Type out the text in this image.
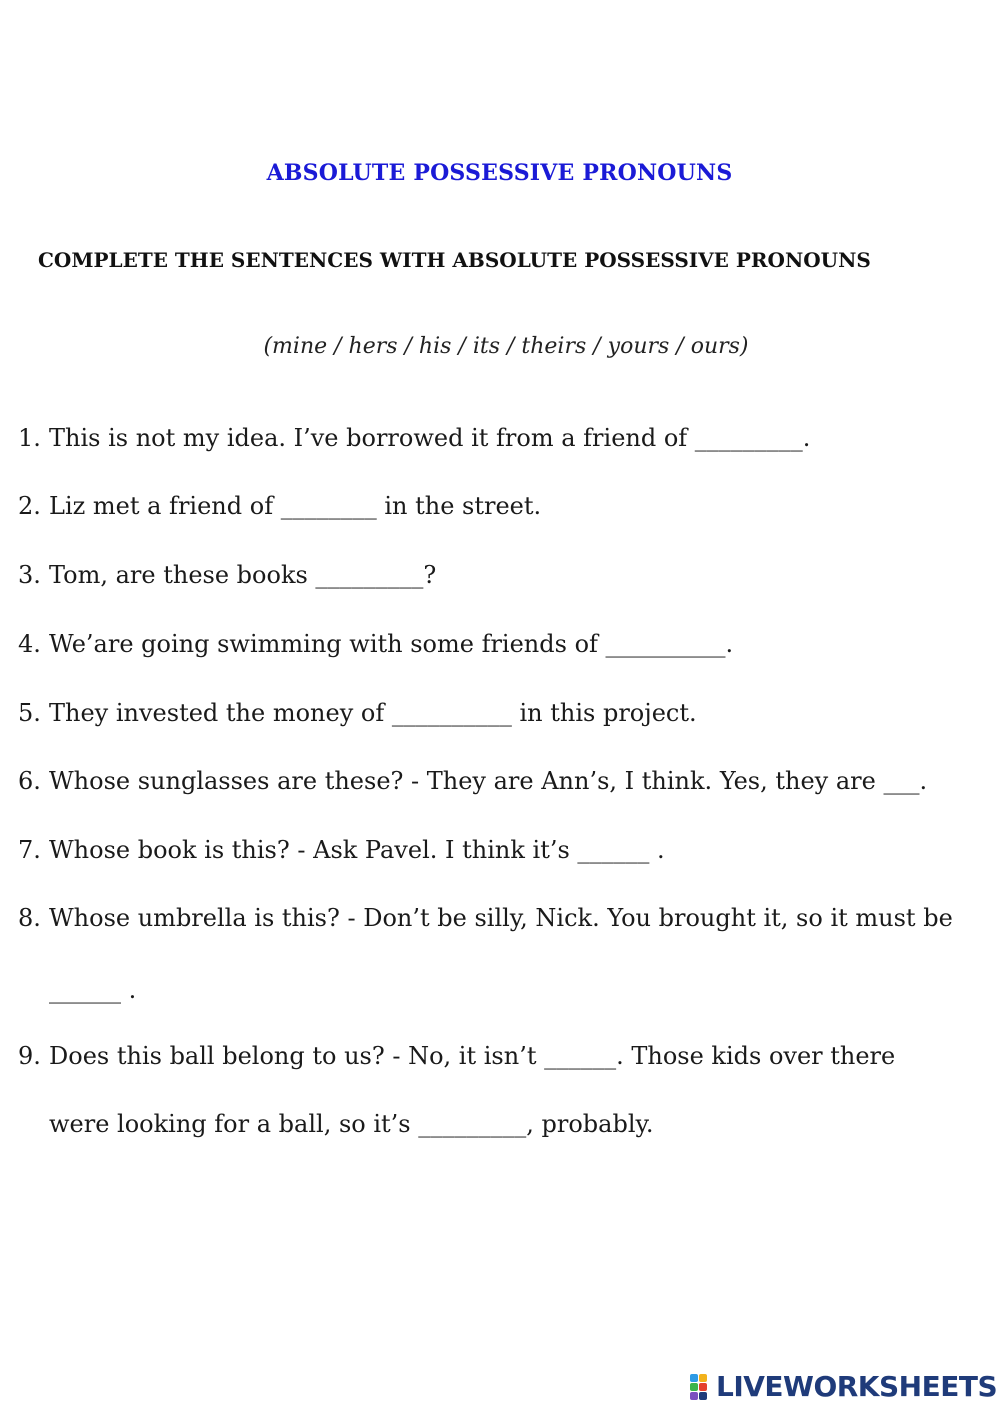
ABSOLUTE POSSESSIVE PRONOUNS
COMPLETE THE SENTENCES WITH ABSOLUTE POSSESSIVE PRONOUNS
(mine / hers / his / its / theirs / yours / ours)
1. This is not my idea. I’ve borrowed it from a friend of _________.
2. Liz met a friend of ________ in the street.
3. Tom, are these books _________?
4. We’are going swimming with some friends of __________.
5. They invested the money of __________ in this project.
6. Whose sunglasses are these? - They are Ann’s, I think. Yes, they are ___.
7. Whose book is this? - Ask Pavel. I think it’s ______ .
8. Whose umbrella is this? - Don’t be silly, Nick. You brought it, so it must be
______ .
9. Does this ball belong to us? - No, it isn’t ______. Those kids over there
were looking for a ball, so it’s _________, probably.
LIVEWORKSHEETS
